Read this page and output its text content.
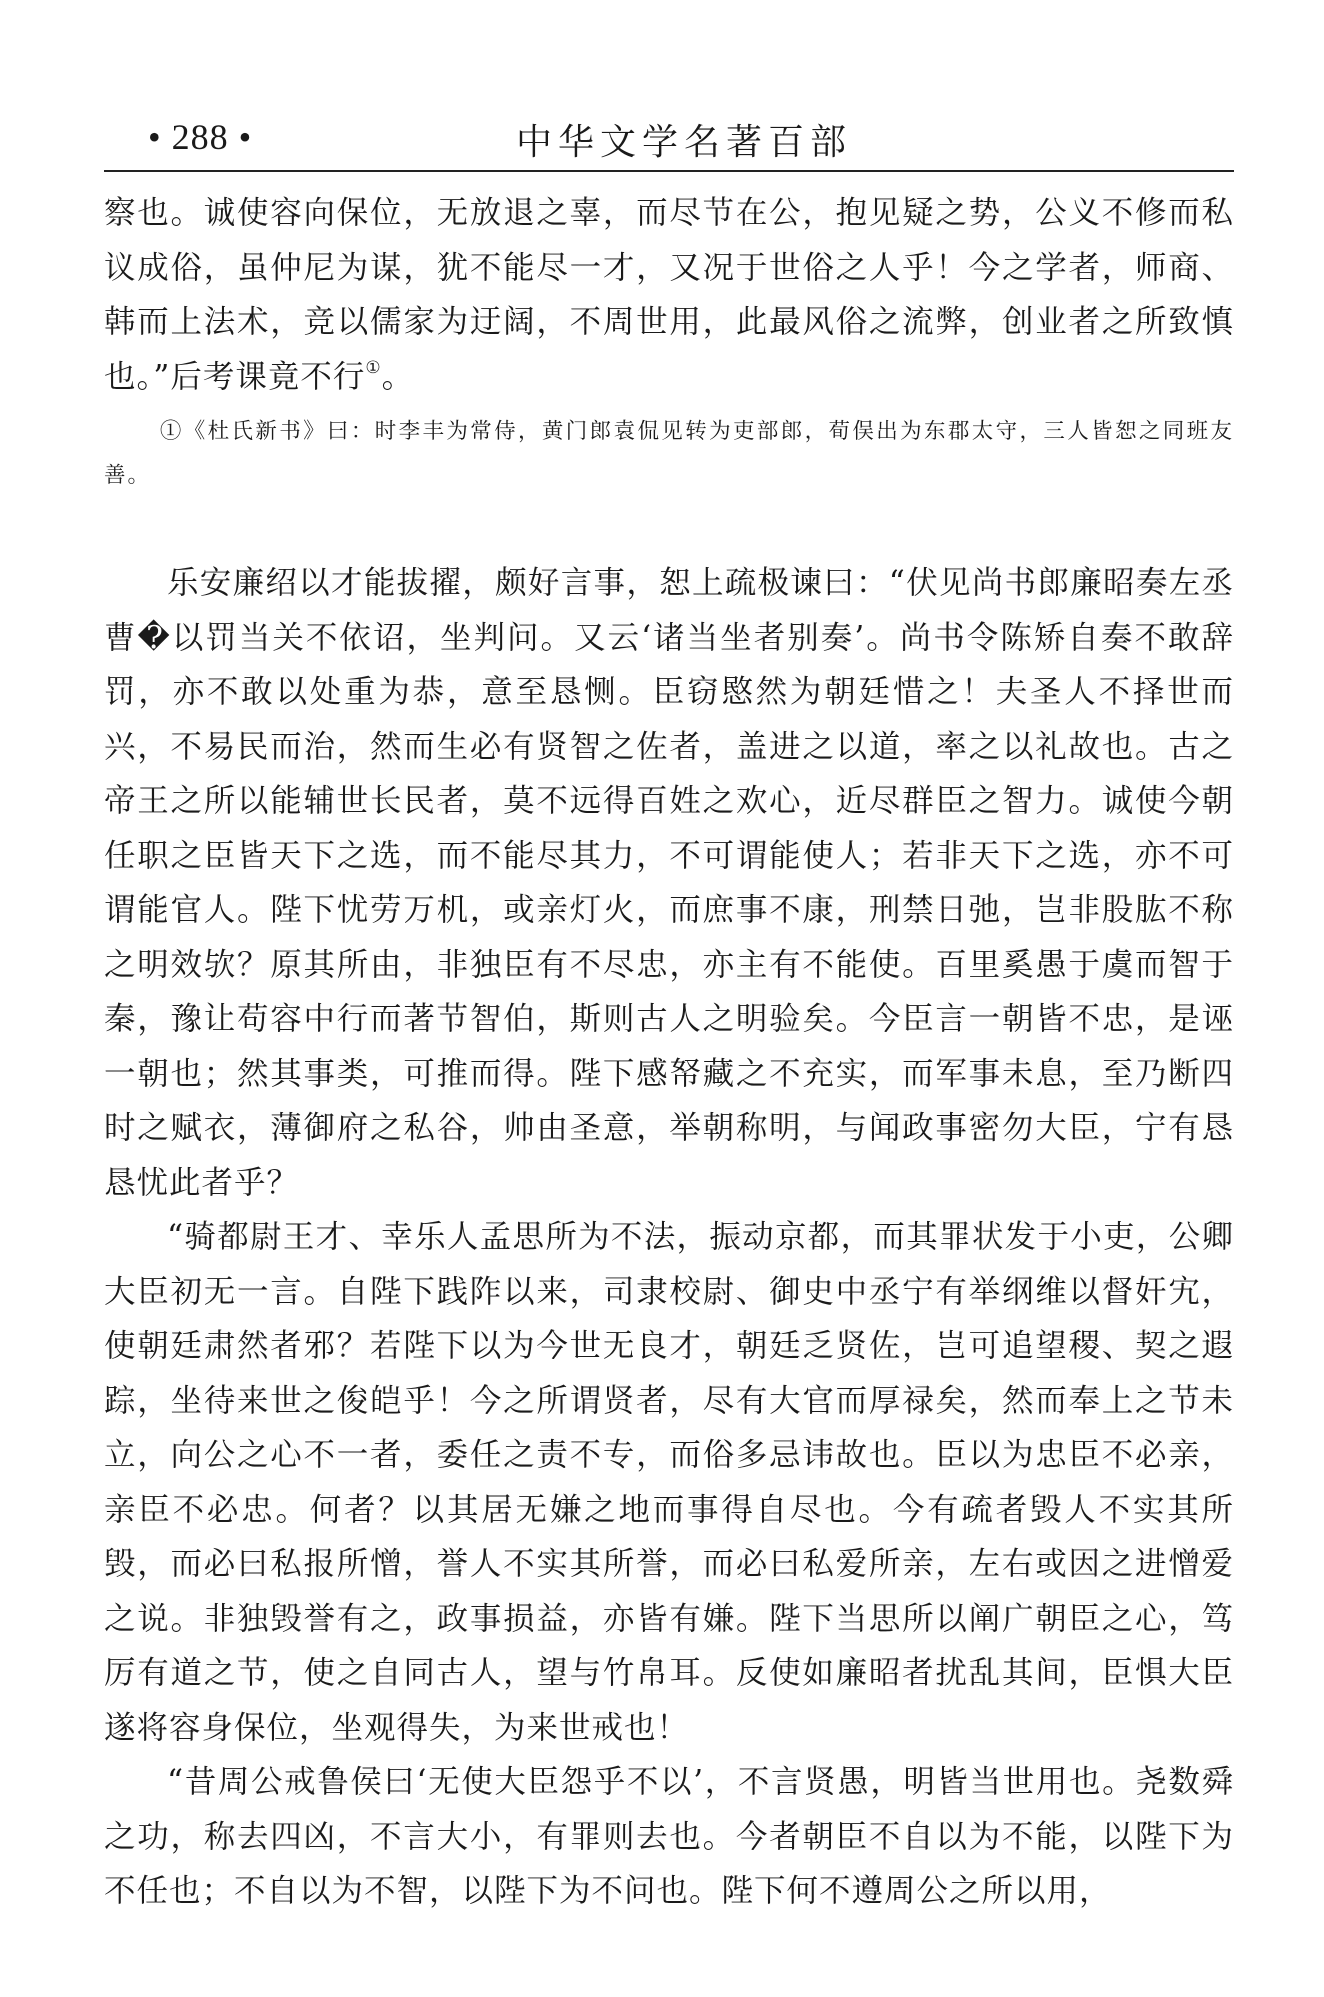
• 288 •	中华文学名著百部

察也。诚使容向保位，无放退之辜，而尽节在公，抱见疑之势，公义不修而私议成俗，虽仲尼为谋，犹不能尽一才，又况于世俗之人乎！今之学者，师商、韩而上法术，竞以儒家为迂阔，不周世用，此最风俗之流弊，创业者之所致慎也。”后考课竟不行①。

①《杜氏新书》曰：时李丰为常侍，黄门郎袁侃见转为吏部郎，荀俣出为东郡太守，三人皆恕之同班友善。

乐安廉绍以才能拔擢，颇好言事，恕上疏极谏曰：“伏见尚书郎廉昭奏左丞曹�以罚当关不依诏，坐判问。又云‘诸当坐者别奏’。尚书令陈矫自奏不敢辞罚，亦不敢以处重为恭，意至恳恻。臣窃愍然为朝廷惜之！夫圣人不择世而兴，不易民而治，然而生必有贤智之佐者，盖进之以道，率之以礼故也。古之帝王之所以能辅世长民者，莫不远得百姓之欢心，近尽群臣之智力。诚使今朝任职之臣皆天下之选，而不能尽其力，不可谓能使人；若非天下之选，亦不可谓能官人。陛下忧劳万机，或亲灯火，而庶事不康，刑禁日弛，岂非股肱不称之明效欤？原其所由，非独臣有不尽忠，亦主有不能使。百里奚愚于虞而智于秦，豫让苟容中行而著节智伯，斯则古人之明验矣。今臣言一朝皆不忠，是诬一朝也；然其事类，可推而得。陛下感帑藏之不充实，而军事未息，至乃断四时之赋衣，薄御府之私谷，帅由圣意，举朝称明，与闻政事密勿大臣，宁有恳恳忧此者乎？

“骑都尉王才、幸乐人孟思所为不法，振动京都，而其罪状发于小吏，公卿大臣初无一言。自陛下践阼以来，司隶校尉、御史中丞宁有举纲维以督奸宄，使朝廷肃然者邪？若陛下以为今世无良才，朝廷乏贤佐，岂可追望稷、契之遐踪，坐待来世之俊皑乎！今之所谓贤者，尽有大官而厚禄矣，然而奉上之节未立，向公之心不一者，委任之责不专，而俗多忌讳故也。臣以为忠臣不必亲，亲臣不必忠。何者？以其居无嫌之地而事得自尽也。今有疏者毁人不实其所毁，而必曰私报所憎，誉人不实其所誉，而必曰私爱所亲，左右或因之进憎爱之说。非独毁誉有之，政事损益，亦皆有嫌。陛下当思所以阐广朝臣之心，笃厉有道之节，使之自同古人，望与竹帛耳。反使如廉昭者扰乱其间，臣惧大臣遂将容身保位，坐观得失，为来世戒也！

“昔周公戒鲁侯曰‘无使大臣怨乎不以’，不言贤愚，明皆当世用也。尧数舜之功，称去四凶，不言大小，有罪则去也。今者朝臣不自以为不能，以陛下为不任也；不自以为不智，以陛下为不问也。陛下何不遵周公之所以用，
